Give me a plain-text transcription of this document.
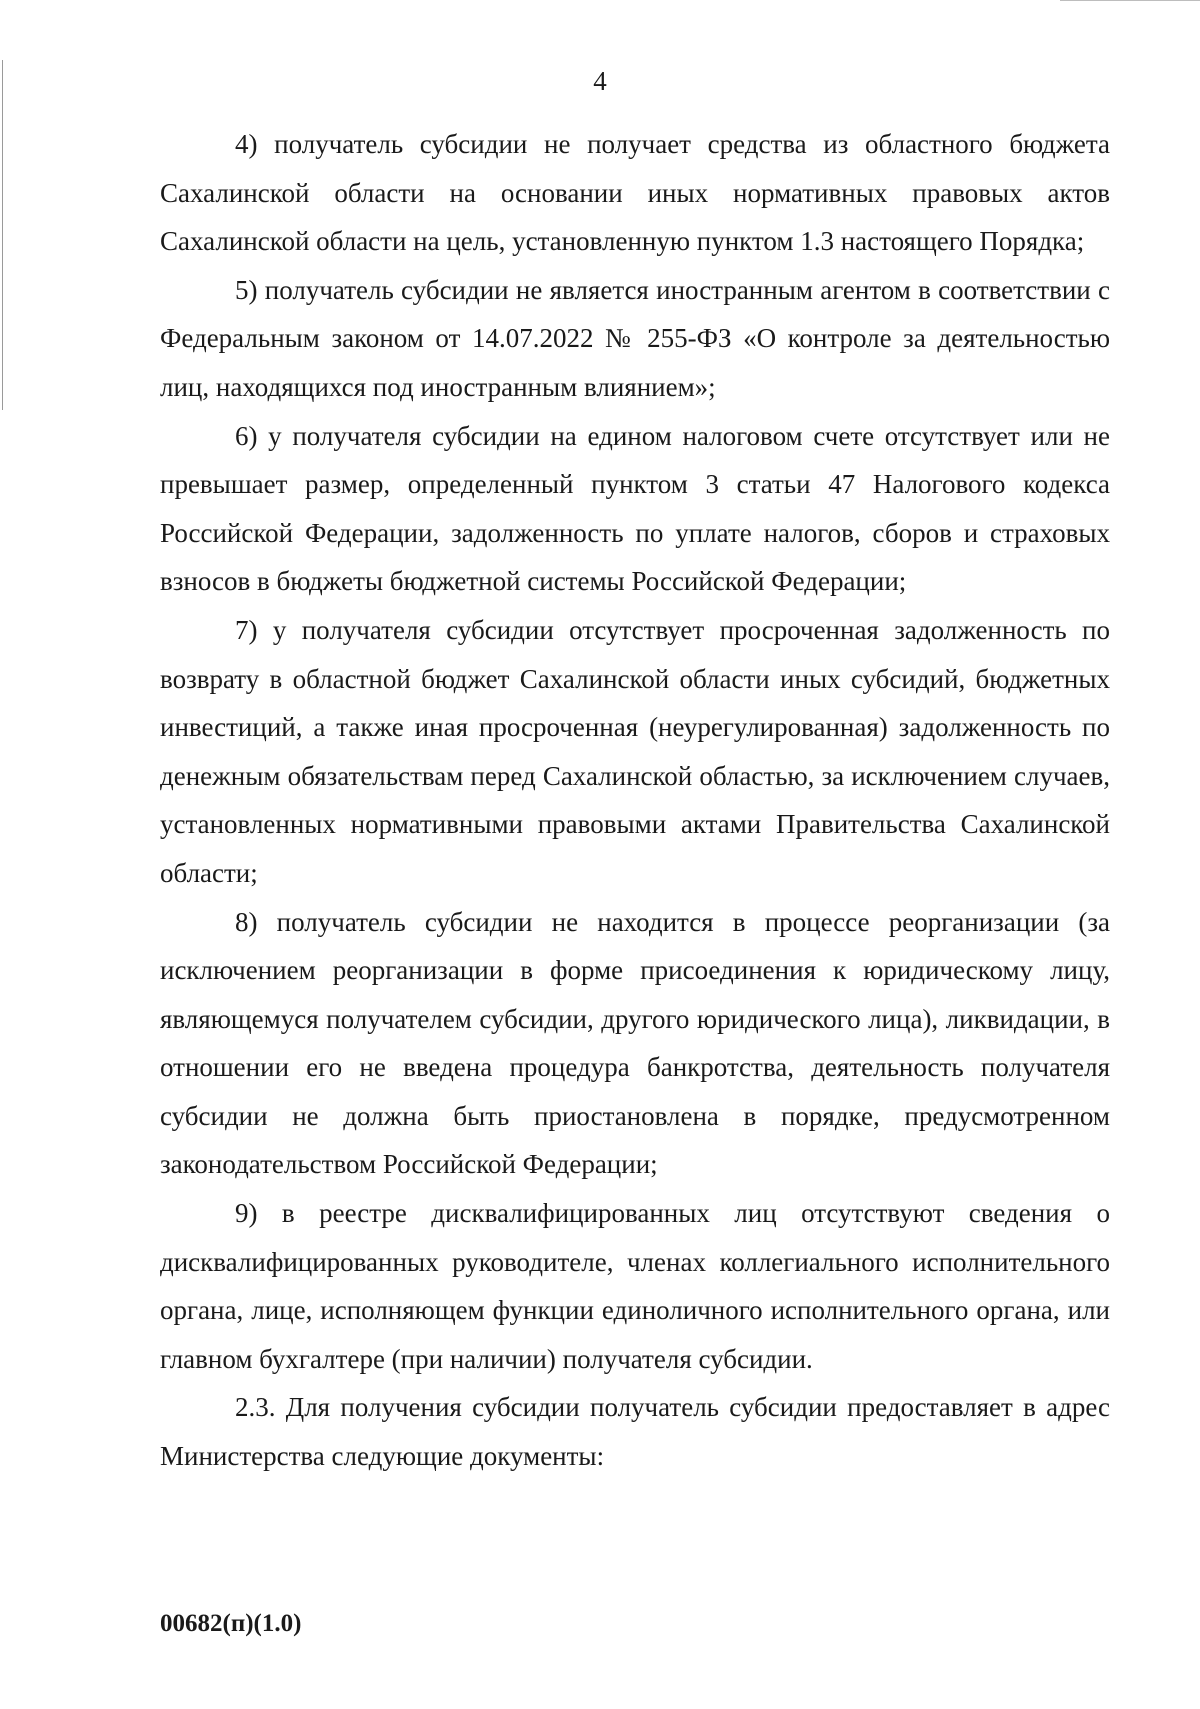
4

4) получатель субсидии не получает средства из областного бюджета Сахалинской области на основании иных нормативных правовых актов Сахалинской области на цель, установленную пунктом 1.3 настоящего Порядка;

5) получатель субсидии не является иностранным агентом в соответствии с Федеральным законом от 14.07.2022 № 255-ФЗ «О контроле за деятельностью лиц, находящихся под иностранным влиянием»;

6) у получателя субсидии на едином налоговом счете отсутствует или не превышает размер, определенный пунктом 3 статьи 47 Налогового кодекса Российской Федерации, задолженность по уплате налогов, сборов и страховых взносов в бюджеты бюджетной системы Российской Федерации;

7) у получателя субсидии отсутствует просроченная задолженность по возврату в областной бюджет Сахалинской области иных субсидий, бюджетных инвестиций, а также иная просроченная (неурегулированная) задолженность по денежным обязательствам перед Сахалинской областью, за исключением случаев, установленных нормативными правовыми актами Правительства Сахалинской области;

8) получатель субсидии не находится в процессе реорганизации (за исключением реорганизации в форме присоединения к юридическому лицу, являющемуся получателем субсидии, другого юридического лица), ликвидации, в отношении его не введена процедура банкротства, деятельность получателя субсидии не должна быть приостановлена в порядке, предусмотренном законодательством Российской Федерации;

9) в реестре дисквалифицированных лиц отсутствуют сведения о дисквалифицированных руководителе, членах коллегиального исполнительного органа, лице, исполняющем функции единоличного исполнительного органа, или главном бухгалтере (при наличии) получателя субсидии.

2.3. Для получения субсидии получатель субсидии предоставляет в адрес Министерства следующие документы:

00682(п)(1.0)
